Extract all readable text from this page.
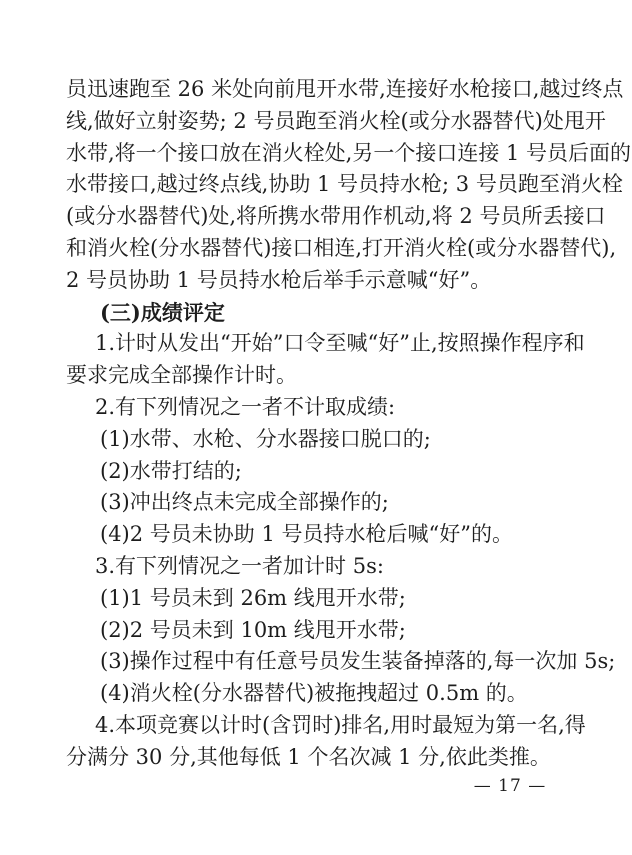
员迅速跑至 26 米处向前甩开水带,连接好水枪接口,越过终点
线,做好立射姿势; 2 号员跑至消火栓(或分水器替代)处甩开
水带,将一个接口放在消火栓处,另一个接口连接 1 号员后面的
水带接口,越过终点线,协助 1 号员持水枪; 3 号员跑至消火栓
(或分水器替代)处,将所携水带用作机动,将 2 号员所丢接口
和消火栓(分水器替代)接口相连,打开消火栓(或分水器替代),
2 号员协助 1 号员持水枪后举手示意喊“好”。
(三)成绩评定
1.计时从发出“开始”口令至喊“好”止,按照操作程序和
要求完成全部操作计时。
2.有下列情况之一者不计取成绩:
(1)水带、水枪、分水器接口脱口的;
(2)水带打结的;
(3)冲出终点未完成全部操作的;
(4)2 号员未协助 1 号员持水枪后喊“好”的。
3.有下列情况之一者加计时 5s:
(1)1 号员未到 26m 线甩开水带;
(2)2 号员未到 10m 线甩开水带;
(3)操作过程中有任意号员发生装备掉落的,每一次加 5s;
(4)消火栓(分水器替代)被拖拽超过 0.5m 的。
4.本项竞赛以计时(含罚时)排名,用时最短为第一名,得
分满分 30 分,其他每低 1 个名次减 1 分,依此类推。
— 17 —
